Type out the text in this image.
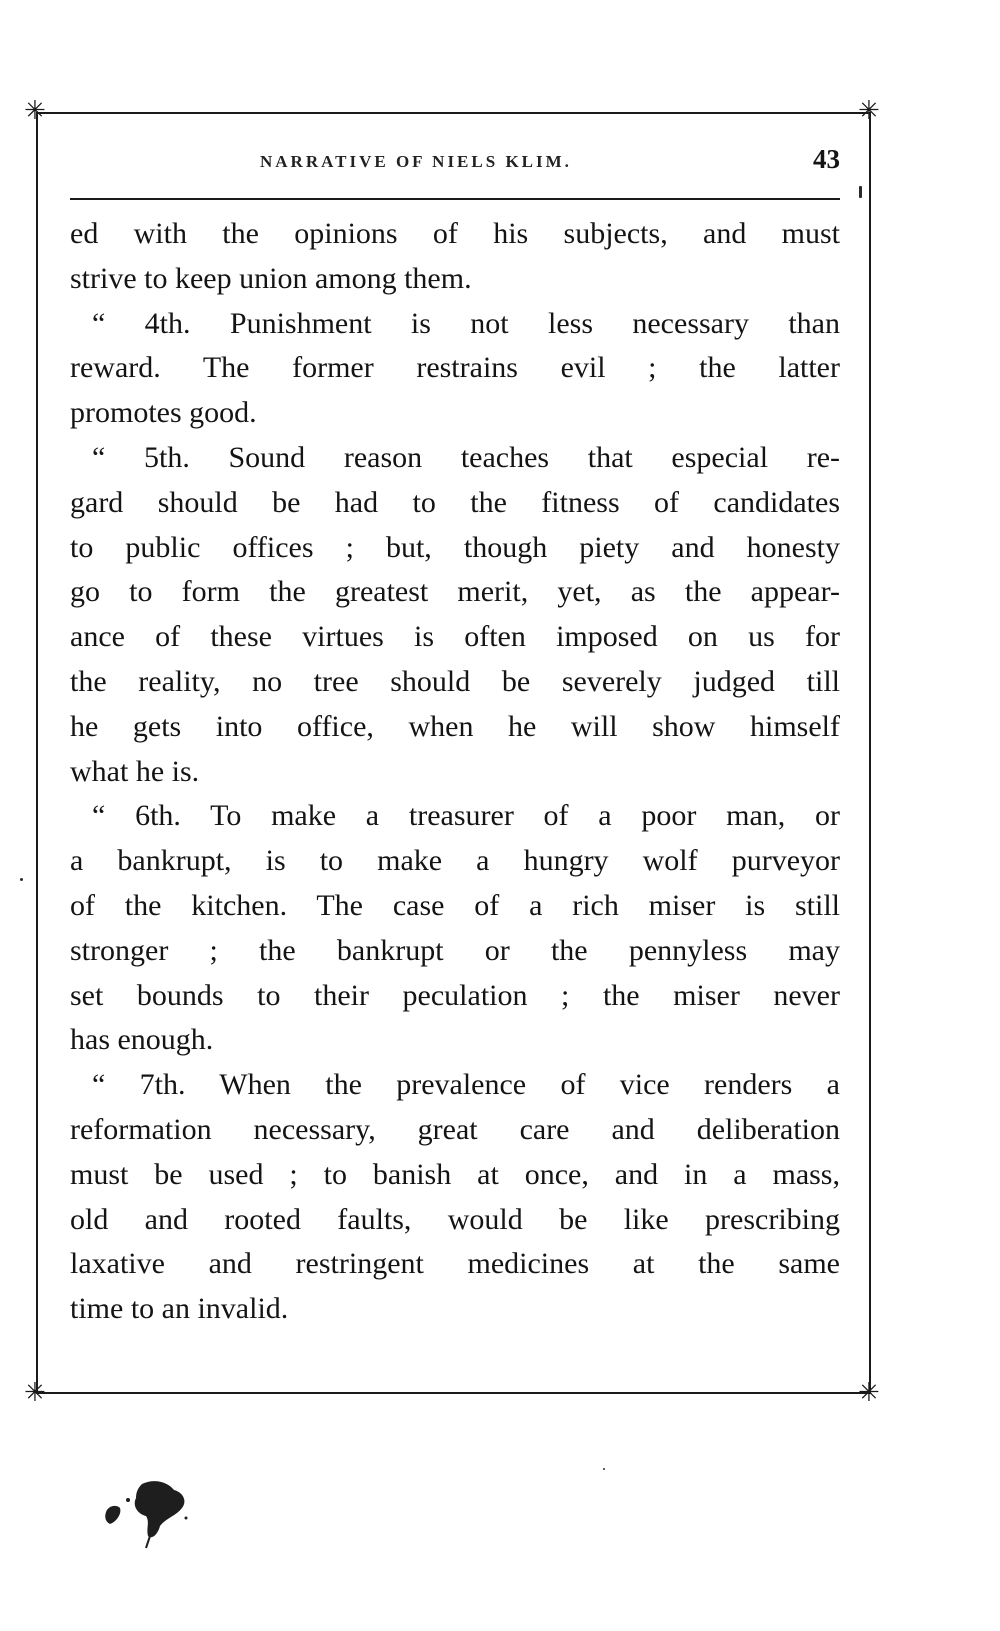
✳	✳
✳	✳
NARRATIVE OF NIELS KLIM.	43
ed with the opinions of his subjects, and must
strive to keep union among them.
“ 4th. Punishment is not less necessary than
reward. The former restrains evil ; the latter
promotes good.
“ 5th. Sound reason teaches that especial re-
gard should be had to the fitness of candidates
to public offices ; but, though piety and honesty
go to form the greatest merit, yet, as the appear-
ance of these virtues is often imposed on us for
the reality, no tree should be severely judged till
he gets into office, when he will show himself
what he is.
“ 6th. To make a treasurer of a poor man, or
a bankrupt, is to make a hungry wolf purveyor
of the kitchen. The case of a rich miser is still
stronger ; the bankrupt or the pennyless may
set bounds to their peculation ; the miser never
has enough.
“ 7th. When the prevalence of vice renders a
reformation necessary, great care and deliberation
must be used ; to banish at once, and in a mass,
old and rooted faults, would be like prescribing
laxative and restringent medicines at the same
time to an invalid.
